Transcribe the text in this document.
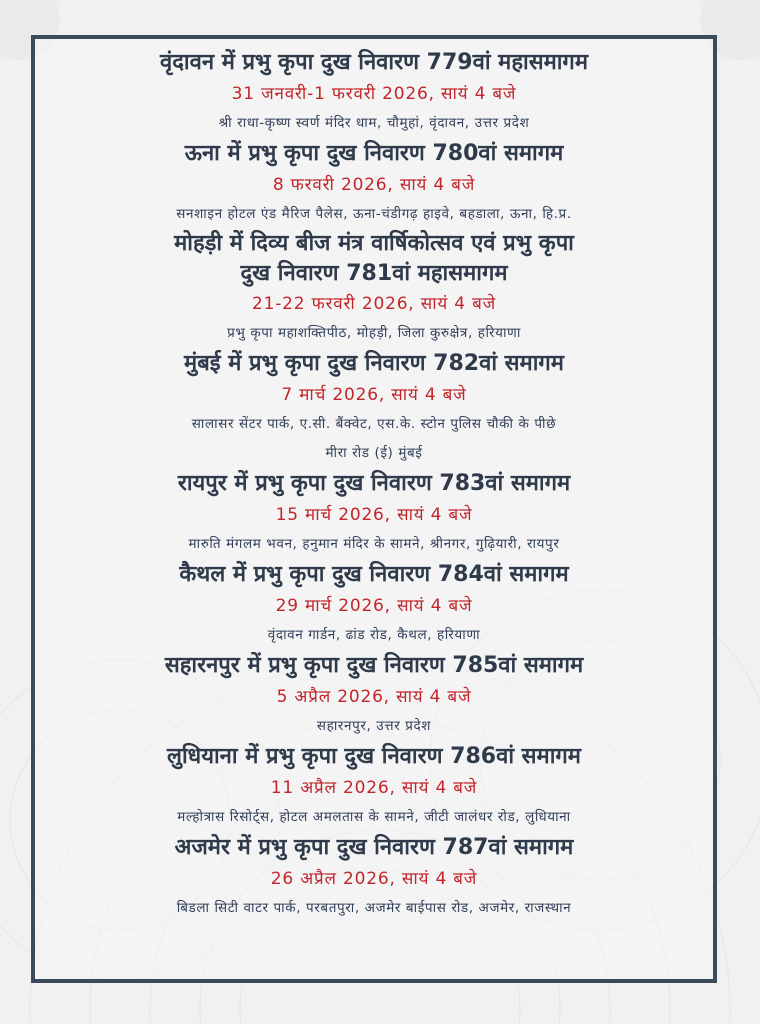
वृंदावन में प्रभु कृपा दुख निवारण 779वां महासमागम
31 जनवरी-1 फरवरी 2026, सायं 4 बजे
श्री राधा-कृष्ण स्वर्ण मंदिर धाम, चौमुहां, वृंदावन, उत्तर प्रदेश
ऊना में प्रभु कृपा दुख निवारण 780वां समागम
8 फरवरी 2026, सायं 4 बजे
सनशाइन होटल एंड मैरिज पैलेस, ऊना-चंडीगढ़ हाइवे, बहडाला, ऊना, हि.प्र.
मोहड़ी में दिव्य बीज मंत्र वार्षिकोत्सव एवं प्रभु कृपा
दुख निवारण 781वां महासमागम
21-22 फरवरी 2026, सायं 4 बजे
प्रभु कृपा महाशक्तिपीठ, मोहड़ी, जिला कुरुक्षेत्र, हरियाणा
मुंबई में प्रभु कृपा दुख निवारण 782वां समागम
7 मार्च 2026, सायं 4 बजे
सालासर सेंटर पार्क, ए.सी. बैंक्वेट, एस.के. स्टोन पुलिस चौकी के पीछे
मीरा रोड (ई) मुंबई
रायपुर में प्रभु कृपा दुख निवारण 783वां समागम
15 मार्च 2026, सायं 4 बजे
मारुति मंगलम भवन, हनुमान मंदिर के सामने, श्रीनगर, गुढ़ियारी, रायपुर
कैथल में प्रभु कृपा दुख निवारण 784वां समागम
29 मार्च 2026, सायं 4 बजे
वृंदावन गार्डन, ढांड रोड, कैथल, हरियाणा
सहारनपुर में प्रभु कृपा दुख निवारण 785वां समागम
5 अप्रैल 2026, सायं 4 बजे
सहारनपुर, उत्तर प्रदेश
लुधियाना में प्रभु कृपा दुख निवारण 786वां समागम
11 अप्रैल 2026, सायं 4 बजे
मल्होत्रास रिसोर्ट्स, होटल अमलतास के सामने, जीटी जालंधर रोड, लुधियाना
अजमेर में प्रभु कृपा दुख निवारण 787वां समागम
26 अप्रैल 2026, सायं 4 बजे
बिडला सिटी वाटर पार्क, परबतपुरा, अजमेर बाईपास रोड, अजमेर, राजस्थान
